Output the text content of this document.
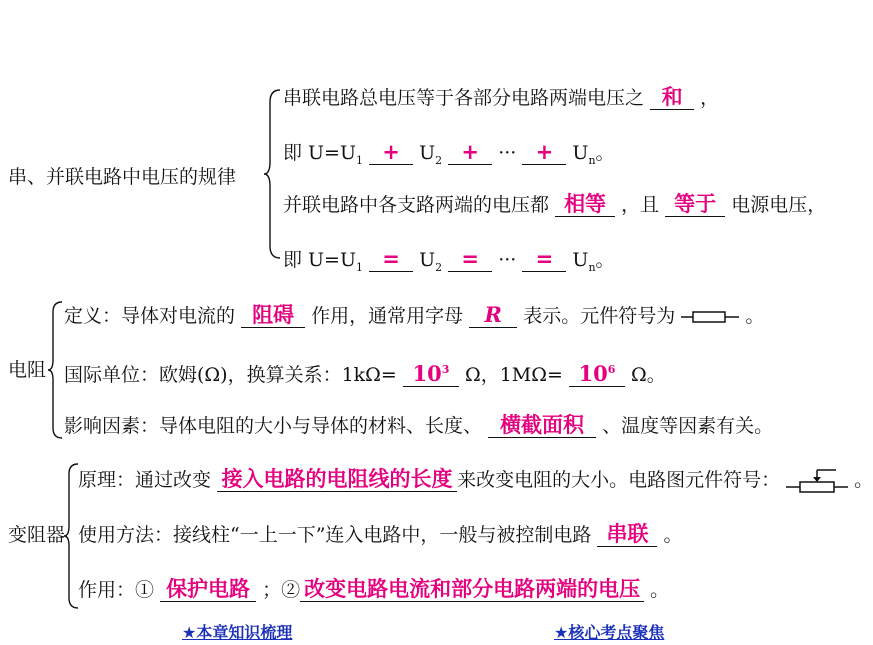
串、并联电路中电压的规律
串联电路总电压等于各部分电路两端电压之 和 ，
即 $U=U_1 + U_2$ + ··· + $U_n$。
并联电路中各支路两端的电压都 相等 ，且 等于 电源电压，
即 $U=U_1 = U_2$ = ··· = $U_n$。
电阻
定义：导体对电流的 阻碍 作用，通常用字母 R 表示。元件符号为	。
国际单位：欧姆(Ω)，换算关系：$1k\Omega= 10^3$ Ω，$1M\Omega= 10^6$ Ω。
影响因素：导体电阻的大小与导体的材料、长度、 横截面积 、温度等因素有关。
变阻器
原理：通过改变 接入电路的电阻线的长度 来改变电阻的大小。电路图元件符号：	。
使用方法：接线柱“一上一下”连入电路中，一般与被控制电路 串联 。
作用：① 保护电路 ；② 改变电路电流和部分电路两端的电压 。
★本章知识梳理	★核心考点聚焦
